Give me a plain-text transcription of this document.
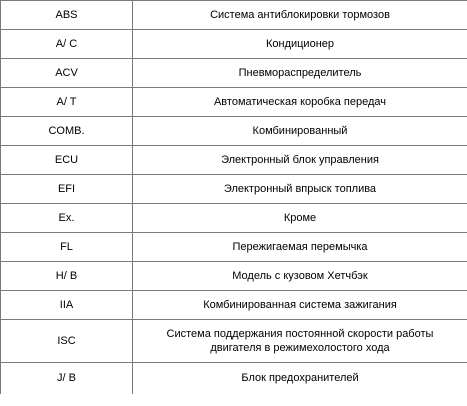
ABS	Система антиблокировки тормозов
A/ C	Кондиционер
ACV	Пневмораспределитель
A/ T	Автоматическая коробка передач
COMB.	Комбинированный
ECU	Электронный блок управления
EFI	Электронный впрыск топлива
Ex.	Кроме
FL	Пережигаемая перемычка
H/ B	Модель с кузовом Хетчбэк
IIA	Комбинированная система зажигания
ISC	Система поддержания постоянной скорости работы
двигателя в режимехолостого хода

J/ B	Блок предохранителей
